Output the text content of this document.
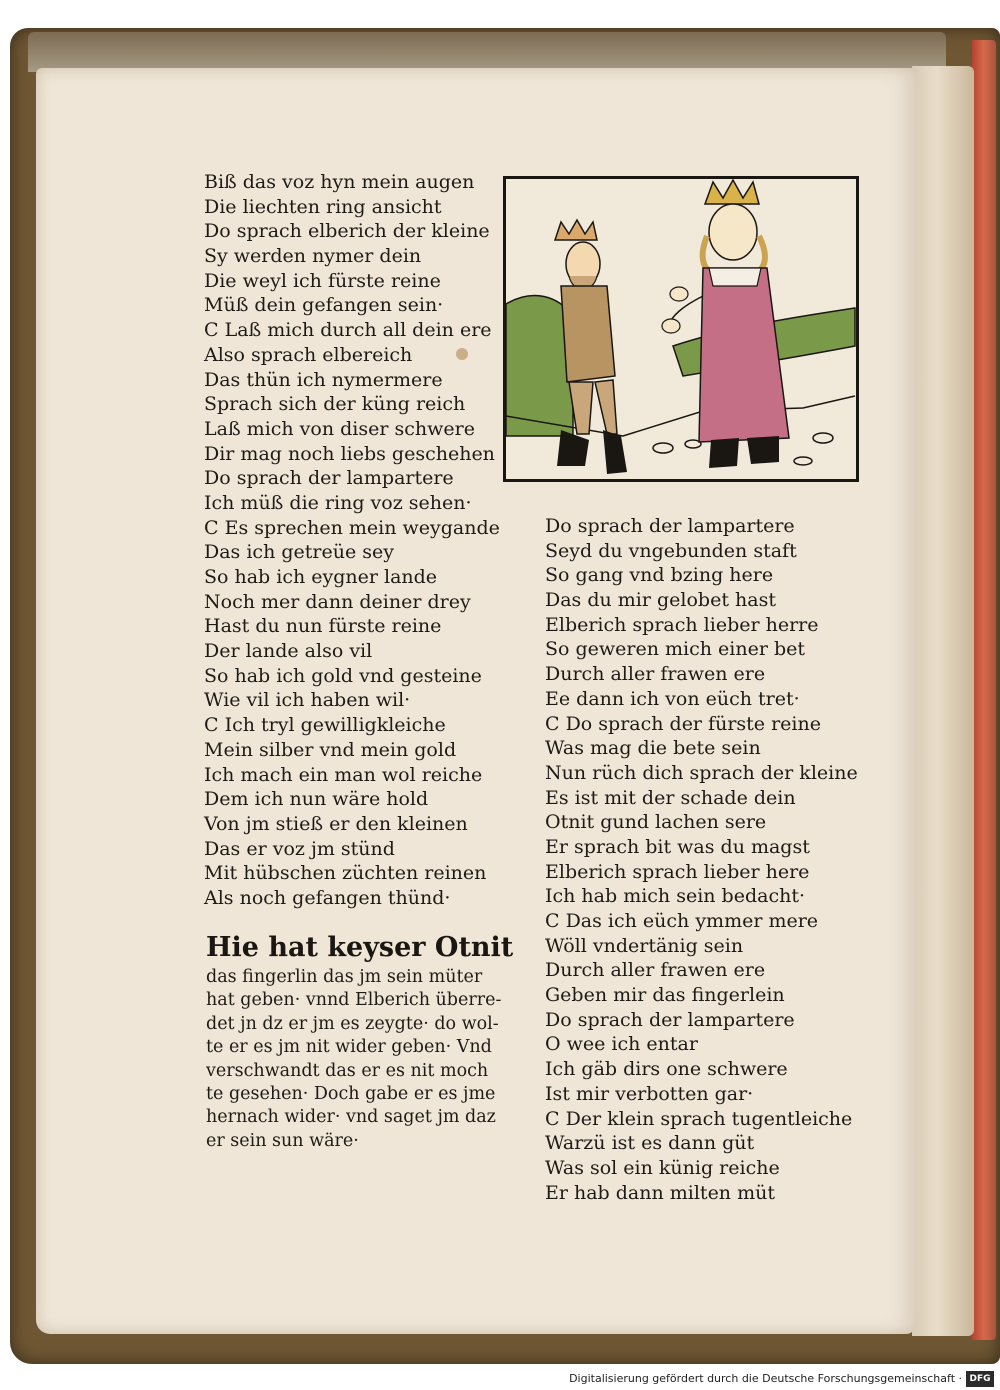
Biß das voz hyn mein augen
Die liechten ring ansicht
Do sprach elberich der kleine
Sy werden nymer dein
Die weyl ich fürste reine
Müß dein gefangen sein·
C Laß mich durch all dein ere
Also sprach elbereich
Das thün ich nymermere
Sprach sich der küng reich
Laß mich von diser schwere
Dir mag noch liebs geschehen
Do sprach der lampartere
Ich müß die ring voz sehen·
C Es sprechen mein weygande
Das ich getreüe sey
So hab ich eygner lande
Noch mer dann deiner drey
Hast du nun fürste reine
Der lande also vil
So hab ich gold vnd gesteine
Wie vil ich haben wil·
C Ich tryl gewilligkleiche
Mein silber vnd mein gold
Ich mach ein man wol reiche
Dem ich nun wäre hold
Von jm stieß er den kleinen
Das er voz jm stünd
Mit hübschen züchten reinen
Als noch gefangen thünd·
Hie hat keyser Otnit
das fingerlin das jm sein müter
hat geben· vnnd Elberich überre-
det jn dz er jm es zeygte· do wol-
te er es jm nit wider geben· Vnd
verschwandt das er es nit moch
te gesehen· Doch gabe er es jme
hernach wider· vnd saget jm daz
er sein sun wäre·
Do sprach der lampartere
Seyd du vngebunden staft
So gang vnd bzing here
Das du mir gelobet hast
Elberich sprach lieber herre
So geweren mich einer bet
Durch aller frawen ere
Ee dann ich von eüch tret·
C Do sprach der fürste reine
Was mag die bete sein
Nun rüch dich sprach der kleine
Es ist mit der schade dein
Otnit gund lachen sere
Er sprach bit was du magst
Elberich sprach lieber here
Ich hab mich sein bedacht·
C Das ich eüch ymmer mere
Wöll vndertänig sein
Durch aller frawen ere
Geben mir das fingerlein
Do sprach der lampartere
O wee ich entar
Ich gäb dirs one schwere
Ist mir verbotten gar·
C Der klein sprach tugentleiche
Warzü ist es dann güt
Was sol ein künig reiche
Er hab dann milten müt
Digitalisierung gefördert durch die Deutsche Forschungsgemeinschaft · DFG
